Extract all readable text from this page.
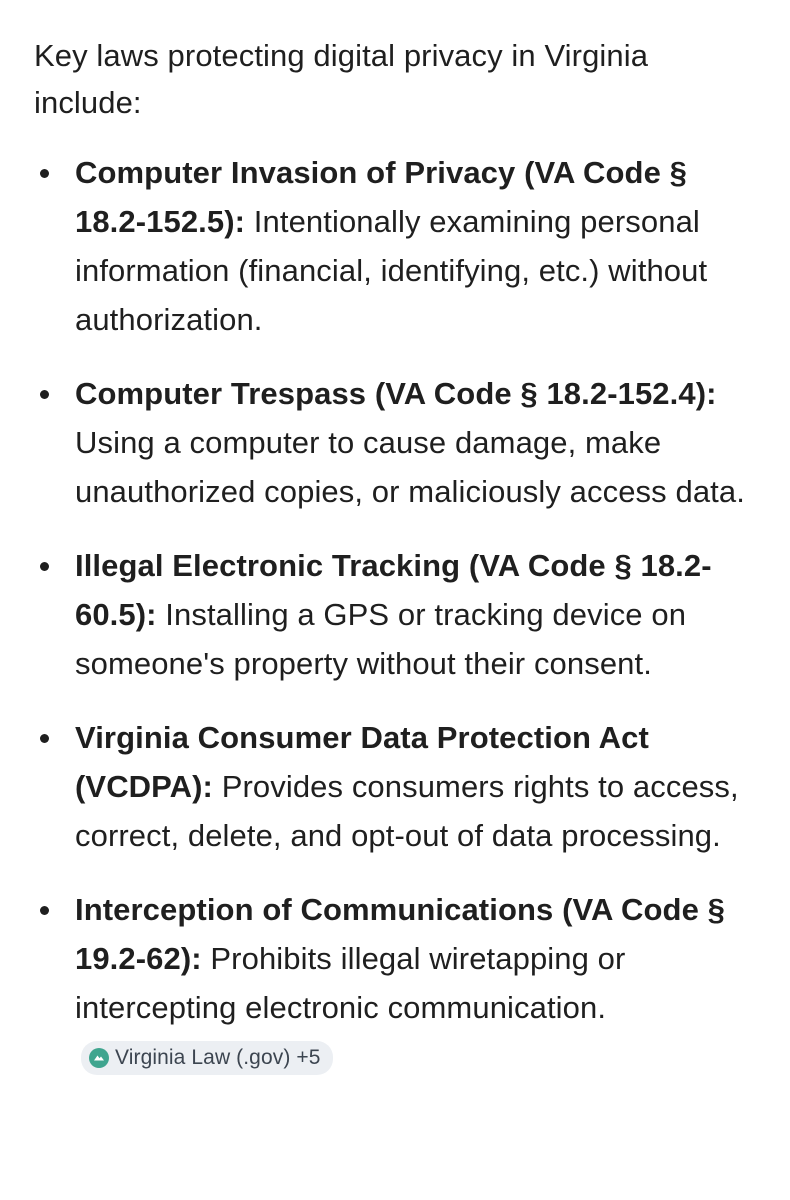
Key laws protecting digital privacy in Virginia include:

Computer Invasion of Privacy (VA Code § 18.2-152.5): Intentionally examining personal information (financial, identifying, etc.) without authorization.
Computer Trespass (VA Code § 18.2-152.4): Using a computer to cause damage, make unauthorized copies, or maliciously access data.
Illegal Electronic Tracking (VA Code § 18.2-60.5): Installing a GPS or tracking device on someone's property without their consent.
Virginia Consumer Data Protection Act (VCDPA): Provides consumers rights to access, correct, delete, and opt-out of data processing.
Interception of Communications (VA Code § 19.2-62): Prohibits illegal wiretapping or intercepting electronic communication.
Virginia Law (.gov) +5
